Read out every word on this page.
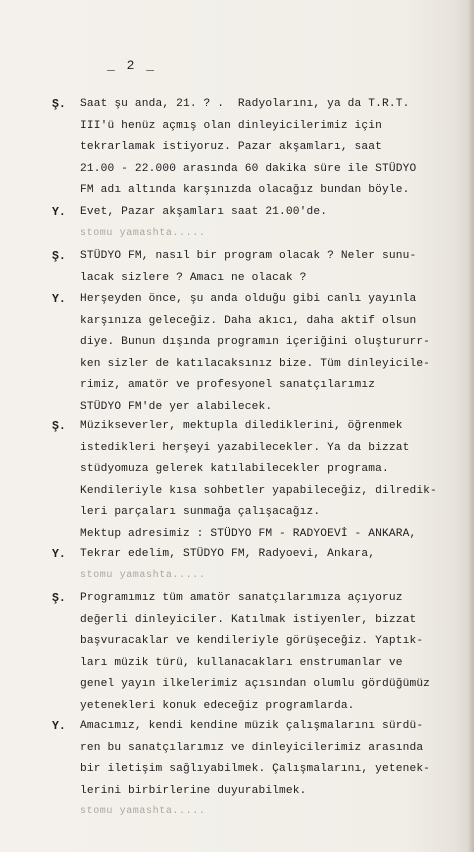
_ 2 _
Ş. Saat şu anda, 21. ? .  Radyolarını, ya da T.R.T.
III'ü henüz açmış olan dinleyicilerimiz için
tekrarlamak istiyoruz. Pazar akşamları, saat
21.00 - 22.000 arasında 60 dakika süre ile STÜDYO
FM adı altında karşınızda olacağız bundan böyle.
Y. Evet, Pazar akşamları saat 21.00'de.
stomu yamashta.....
Ş. STÜDYO FM, nasıl bir program olacak ? Neler sunu-
lacak sizlere ? Amacı ne olacak ?
Y. Herşeyden önce, şu anda olduğu gibi canlı yayınla
karşınıza geleceğiz. Daha akıcı, daha aktif olsun
diye. Bunun dışında programın içeriğini oluştururr-
ken sizler de katılacaksınız bize. Tüm dinleyicile-
rimiz, amatör ve profesyonel sanatçılarımız
STÜDYO FM'de yer alabilecek.
Ş. Müzikseverler, mektupla dilediklerini, öğrenmek
istedikleri herşeyi yazabilecekler. Ya da bizzat
stüdyomuza gelerek katılabilecekler programa.
Kendileriyle kısa sohbetler yapabileceğiz, dilredik-
leri parçaları sunmağa çalışacağız.
Mektup adresimiz : STÜDYO FM - RADYOEVİ - ANKARA,
Y. Tekrar edelim, STÜDYO FM, Radyoevi, Ankara,
stomu yamashta.....
Ş. Programımız tüm amatör sanatçılarımıza açıyoruz
değerli dinleyiciler. Katılmak istiyenler, bizzat
başvuracaklar ve kendileriyle görüşeceğiz. Yaptık-
ları müzik türü, kullanacakları enstrumanlar ve
genel yayın ilkelerimiz açısından olumlu gördüğümüz
yetenekleri konuk edeceğiz programlarda.
Y. Amacımız, kendi kendine müzik çalışmalarını sürdü-
ren bu sanatçılarımız ve dinleyicilerimiz arasında
bir iletişim sağlıyabilmek. Çalışmalarını, yetenek-
lerini birbirlerine duyurabilmek.
stomu yamashta.....
